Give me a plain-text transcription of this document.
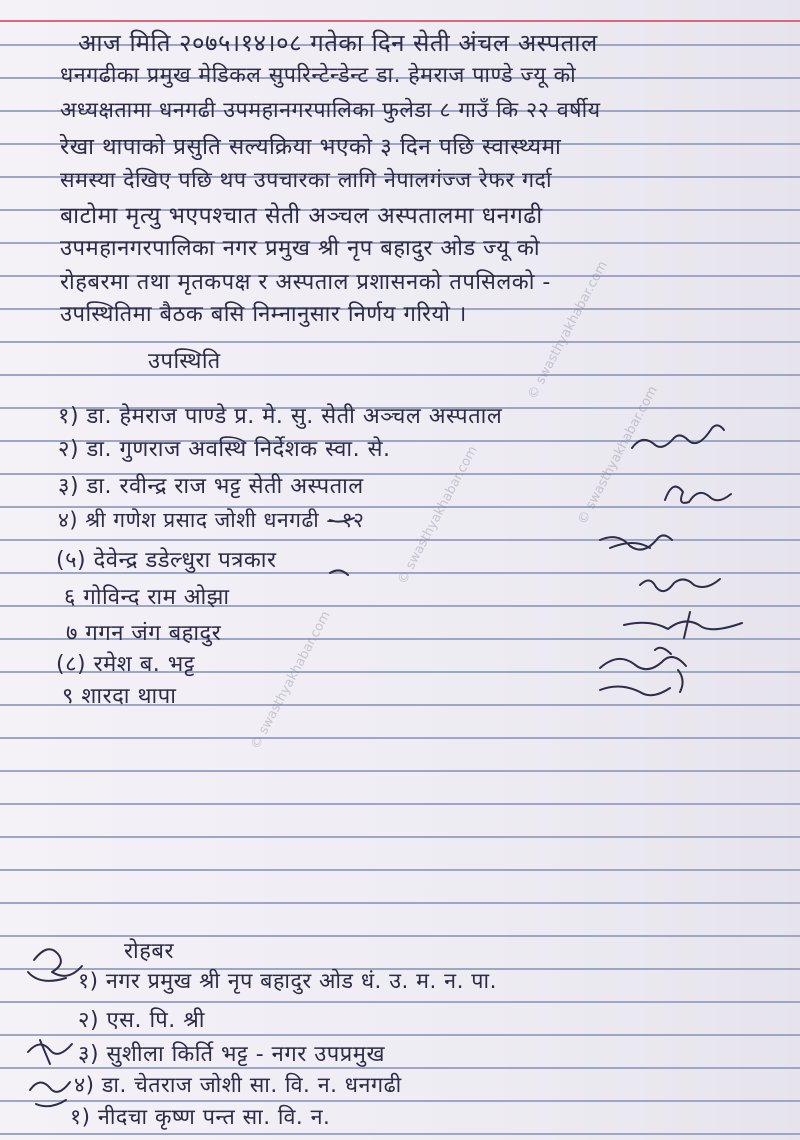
आज मिति २०७५।१४।०८ गतेका दिन सेती अंचल अस्पताल
धनगढीका प्रमुख मेडिकल सुपरिन्टेन्डेन्ट डा. हेमराज पाण्डे ज्यू को
अध्यक्षतामा धनगढी उपमहानगरपालिका फुलेडा ८ गाउँ कि २२ वर्षीय
रेखा थापाको प्रसुति सल्यक्रिया भएको ३ दिन पछि स्वास्थ्यमा
समस्या देखिए पछि थप उपचारका लागि नेपालगंज्ज रेफर गर्दा
बाटोमा मृत्यु भएपश्चात सेती अञ्चल अस्पतालमा धनगढी
उपमहानगरपालिका नगर प्रमुख श्री नृप बहादुर ओड ज्यू को
रोहबरमा तथा मृतकपक्ष र अस्पताल प्रशासनको तपसिलको -
उपस्थितिमा बैठक बसि निम्नानुसार निर्णय गरियो ।
उपस्थिति
१) डा. हेमराज पाण्डे प्र. मे. सु. सेती अञ्चल अस्पताल
२) डा. गुणराज अवस्थि निर्देशक स्वा. से.
३) डा. रवीन्द्र राज भट्ट सेती अस्पताल
४) श्री गणेश प्रसाद जोशी धनगढी - १२
(५) देवेन्द्र डडेल्धुरा पत्रकार
६ गोविन्द राम ओझा
७ गगन जंग बहादुर
(८) रमेश ब. भट्ट
९ शारदा थापा
रोहबर
१) नगर प्रमुख श्री नृप बहादुर ओड धं. उ. म. न. पा.
२) एस. पि. श्री
३) सुशीला किर्ति भट्ट - नगर उपप्रमुख
४) डा. चेतराज जोशी सा. वि. न. धनगढी
१) नीदचा कृष्ण पन्त सा. वि. न.
© swasthyakhabar.com
© swasthyakhabar.com
© swasthyakhabar.com
© swasthyakhabar.com
